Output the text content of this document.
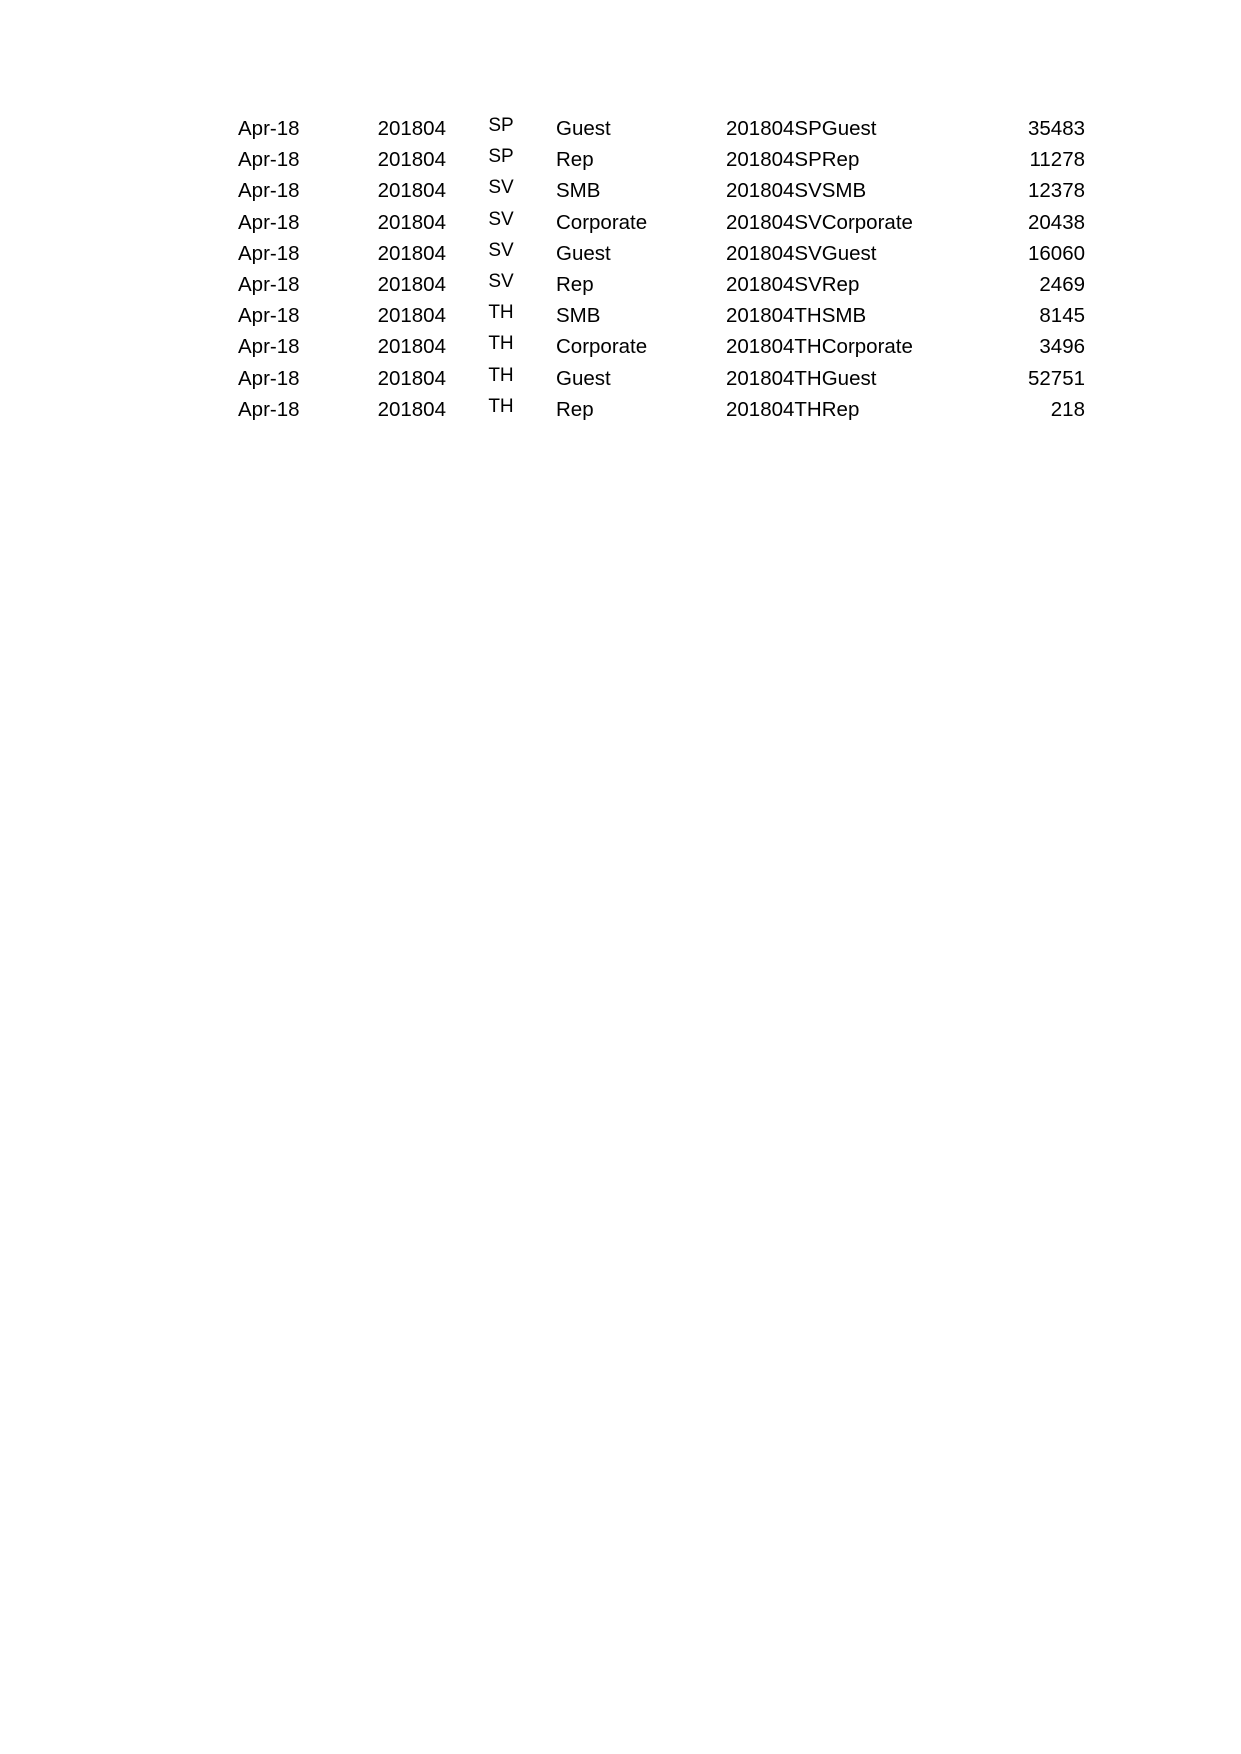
Apr-18	201804	SP	Guest	201804SPGuest	35483
Apr-18	201804	SP	Rep	201804SPRep	11278
Apr-18	201804	SV	SMB	201804SVSMB	12378
Apr-18	201804	SV	Corporate	201804SVCorporate	20438
Apr-18	201804	SV	Guest	201804SVGuest	16060
Apr-18	201804	SV	Rep	201804SVRep	2469
Apr-18	201804	TH	SMB	201804THSMB	8145
Apr-18	201804	TH	Corporate	201804THCorporate	3496
Apr-18	201804	TH	Guest	201804THGuest	52751
Apr-18	201804	TH	Rep	201804THRep	218
